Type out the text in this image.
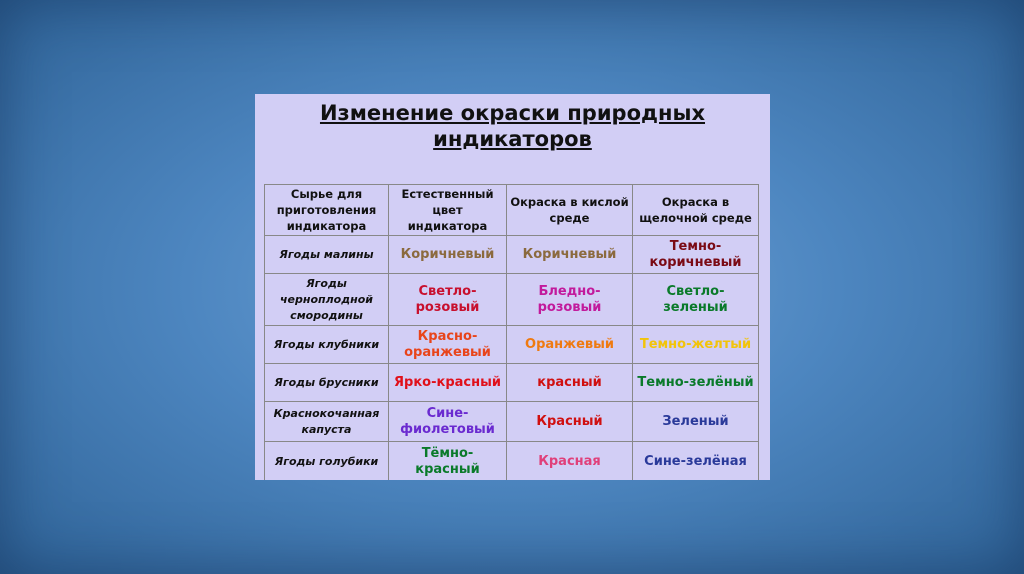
Изменение окраски природных
индикаторов
Сырье для приготовления индикатора	Естественный цвет индикатора	Окраска в кислой среде	Окраска в щелочной среде
Ягоды малины	Коричневый	Коричневый	Темно-коричневый
Ягоды черноплодной смородины	Светло-розовый	Бледно-розовый	Светло-зеленый
Ягоды клубники	Красно-оранжевый	Оранжевый	Темно-желтый
Ягоды брусники	Ярко-красный	красный	Темно-зелёный
Краснокочанная капуста	Сине-фиолетовый	Красный	Зеленый
Ягоды голубики	Тёмно-красный	Красная	Сине-зелёная
